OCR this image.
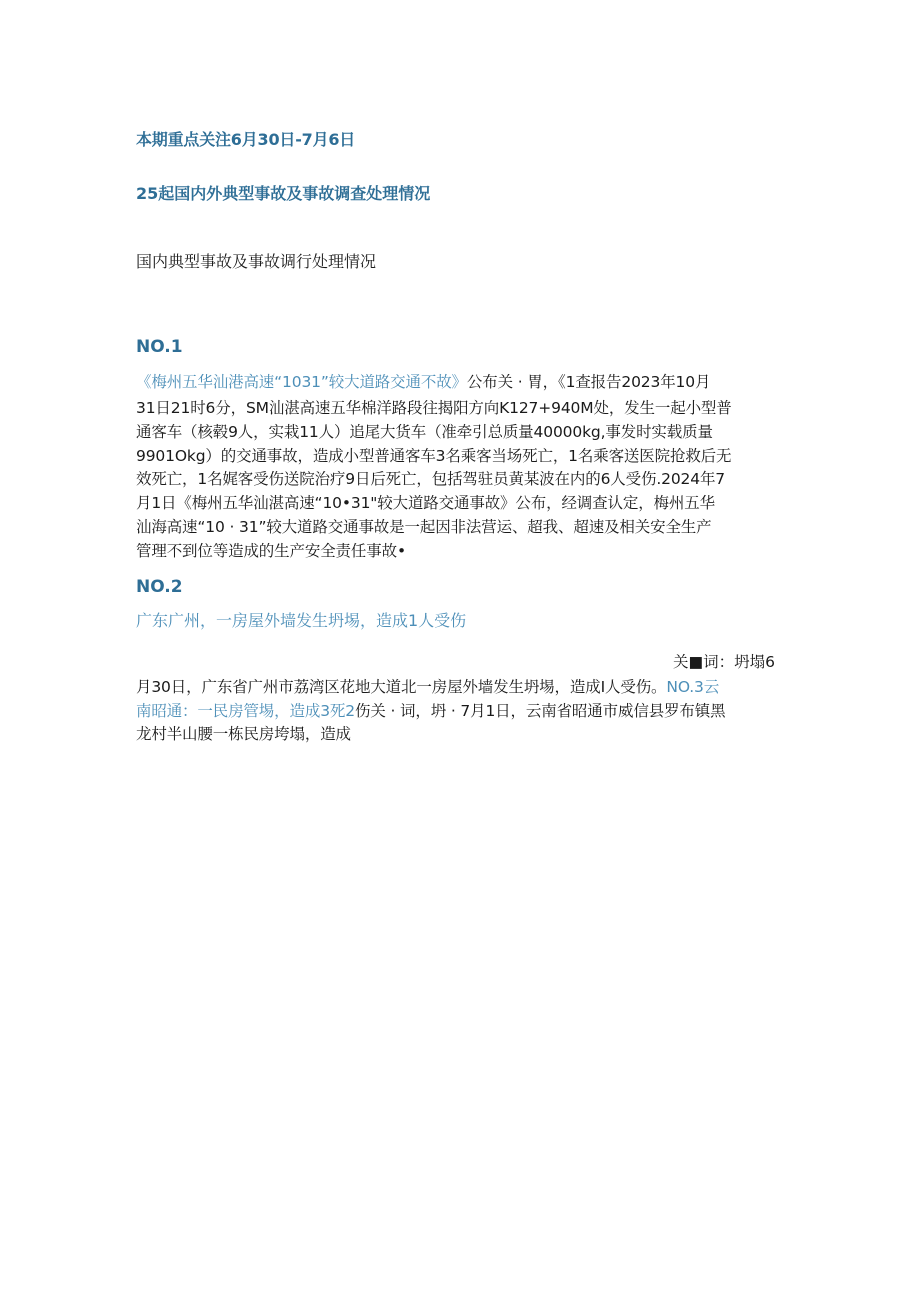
本期重点关注6月30日-7月6日
25起国内外典型事故及事故调查处理情况
国内典型事故及事故调行处理情况
NO.1
《梅州五华汕港高速“1031”较大道路交通不故》公布关 · 胃，《1查报告2023年10月
31日21时6分，SM汕湛高速五华棉洋路段往揭阳方向K127+940M处，发生一起小型普
通客车（核毂9人，实栽11人）追尾大货车（准牵引总质量40000kg,事发时实载质量
9901Okg）的交通事故，造成小型普通客车3名乘客当场死亡，1名乘客送医院抢救后无
效死亡，1名娓客受伤送院治疗9日后死亡，包括驾驻员黄某波在内的6人受伤.2024年7
月1日《梅州五华汕湛高速“10•31"较大道路交通事故》公布，经调查认定，梅州五华
汕海高速“10 · 31”较大道路交通事故是一起因非法营运、超我、超速及相关安全生产
管理不到位等造成的生产安全责任事故•
NO.2
广东广州，一房屋外墙发生坍埸，造成1人受伤
关■词：坍塌6
月30日，广东省广州市荔湾区花地大道北一房屋外墙发生坍埸，造成I人受伤。NO.3云
南昭通：一民房管埸，造成3死2伤关 · 词，坍 · 7月1日，云南省昭通市威信县罗布镇黑
龙村半山腰一栋民房垮塌，造成
